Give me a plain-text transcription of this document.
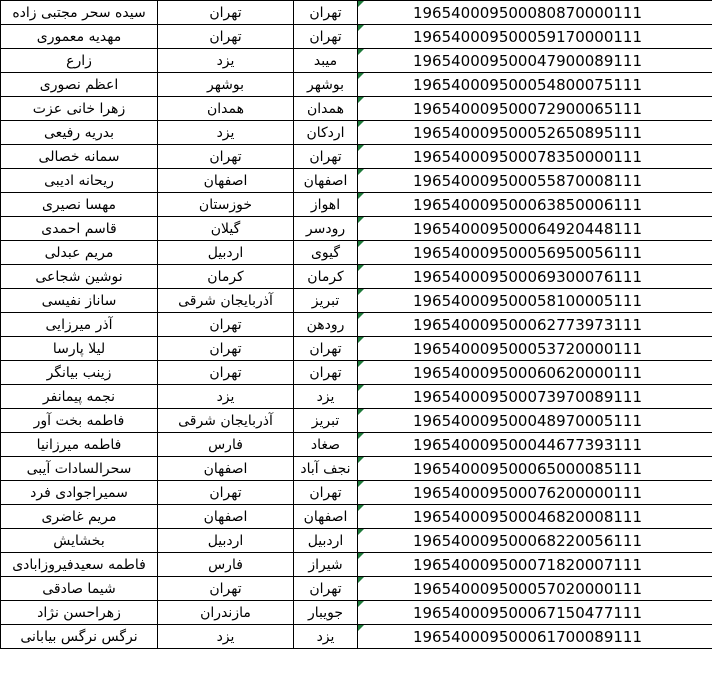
سیده سحر مجتبی زاده	تهران	تهران	196540009500080870000111
مهدیه معموری	تهران	تهران	196540009500059170000111
زارع	یزد	میبد	196540009500047900089111
اعظم نصوری	بوشهر	بوشهر	196540009500054800075111
زهرا خانی عزت	همدان	همدان	196540009500072900065111
بدریه رفیعی	یزد	اردکان	196540009500052650895111
سمانه خصالی	تهران	تهران	196540009500078350000111
ریحانه ادیبی	اصفهان	اصفهان	196540009500055870008111
مهسا نصیری	خوزستان	اهواز	196540009500063850006111
قاسم احمدی	گیلان	رودسر	196540009500064920448111
مریم عبدلی	اردبیل	گیوی	196540009500056950056111
نوشین شجاعی	کرمان	کرمان	196540009500069300076111
ساناز نفیسی	آذربایجان شرقی	تبریز	196540009500058100005111
آذر میرزایی	تهران	رودهن	196540009500062773973111
لیلا پارسا	تهران	تهران	196540009500053720000111
زینب بیانگر	تهران	تهران	196540009500060620000111
نجمه پیمانفر	یزد	یزد	196540009500073970089111
فاطمه بخت آور	آذربایجان شرقی	تبریز	196540009500048970005111
فاطمه میرزانیا	فارس	صغاد	196540009500044677393111
سحرالسادات آیبی	اصفهان	نجف آباد	196540009500065000085111
سمیراجوادی فرد	تهران	تهران	196540009500076200000111
مریم غاضری	اصفهان	اصفهان	196540009500046820008111
بخشایش	اردبیل	اردبیل	196540009500068220056111
فاطمه سعیدفیروزابادی	فارس	شیراز	196540009500071820007111
شیما صادقی	تهران	تهران	196540009500057020000111
زهراحسن نژاد	مازندران	جویبار	196540009500067150477111
نرگس نرگس بیابانی	یزد	یزد	196540009500061700089111
